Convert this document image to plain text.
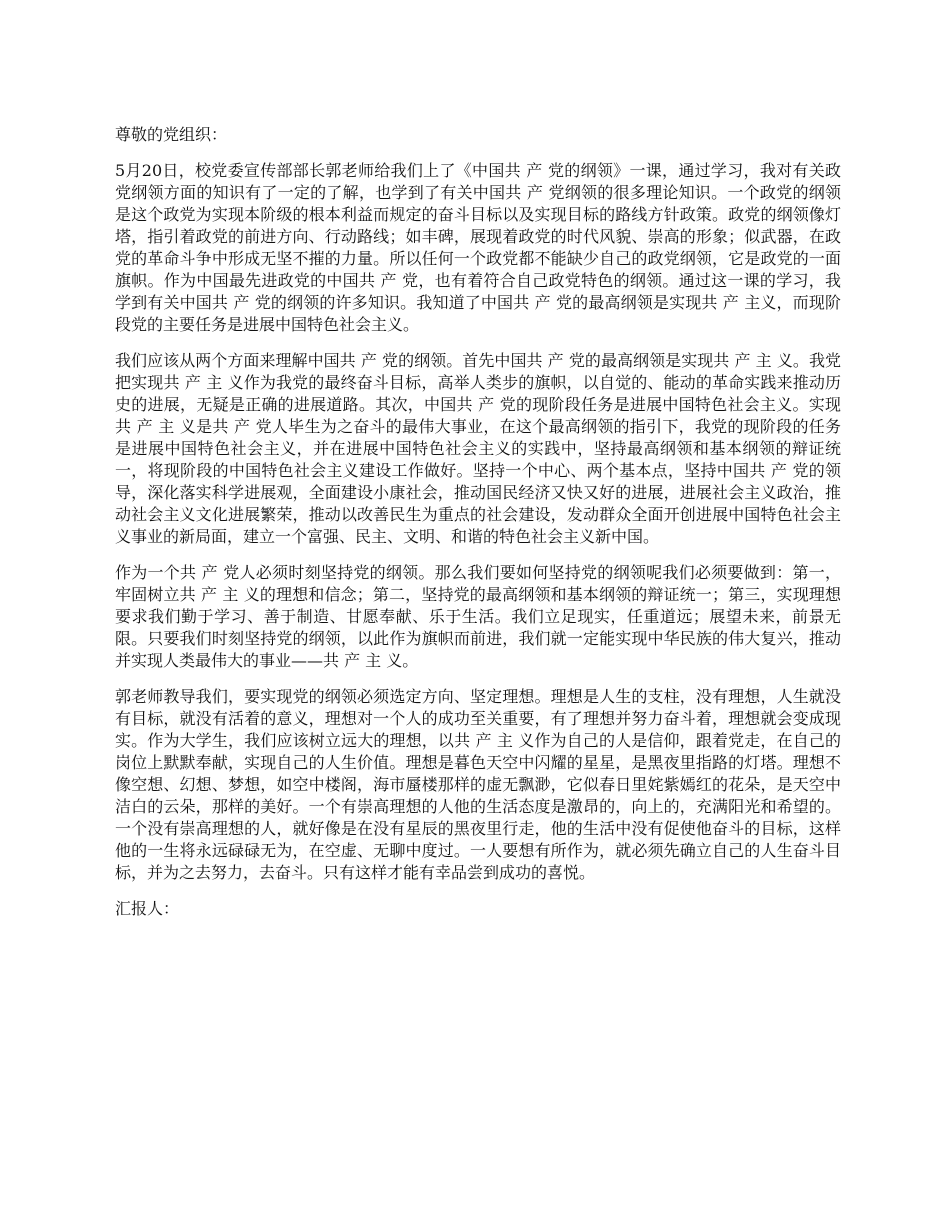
尊敬的党组织：

5月20日，校党委宣传部部长郭老师给我们上了《中国共 产 党的纲领》一课，通过学习，我对有关政党纲领方面的知识有了一定的了解，也学到了有关中国共 产 党纲领的很多理论知识。一个政党的纲领是这个政党为实现本阶级的根本利益而规定的奋斗目标以及实现目标的路线方针政策。政党的纲领像灯塔，指引着政党的前进方向、行动路线；如丰碑，展现着政党的时代风貌、崇高的形象；似武器，在政党的革命斗争中形成无坚不摧的力量。所以任何一个政党都不能缺少自己的政党纲领，它是政党的一面旗帜。作为中国最先进政党的中国共 产 党，也有着符合自己政党特色的纲领。通过这一课的学习，我学到有关中国共 产 党的纲领的许多知识。我知道了中国共 产 党的最高纲领是实现共 产 主义，而现阶段党的主要任务是进展中国特色社会主义。

我们应该从两个方面来理解中国共 产 党的纲领。首先中国共 产 党的最高纲领是实现共 产 主 义。我党把实现共 产 主 义作为我党的最终奋斗目标，高举人类步的旗帜，以自觉的、能动的革命实践来推动历史的进展，无疑是正确的进展道路。其次，中国共 产 党的现阶段任务是进展中国特色社会主义。实现共 产 主 义是共 产 党人毕生为之奋斗的最伟大事业，在这个最高纲领的指引下，我党的现阶段的任务是进展中国特色社会主义，并在进展中国特色社会主义的实践中，坚持最高纲领和基本纲领的辩证统一，将现阶段的中国特色社会主义建设工作做好。坚持一个中心、两个基本点，坚持中国共 产 党的领导，深化落实科学进展观，全面建设小康社会，推动国民经济又快又好的进展，进展社会主义政治，推动社会主义文化进展繁荣，推动以改善民生为重点的社会建设，发动群众全面开创进展中国特色社会主义事业的新局面，建立一个富强、民主、文明、和谐的特色社会主义新中国。

作为一个共 产 党人必须时刻坚持党的纲领。那么我们要如何坚持党的纲领呢我们必须要做到：第一，牢固树立共 产 主 义的理想和信念；第二，坚持党的最高纲领和基本纲领的辩证统一；第三，实现理想要求我们勤于学习、善于制造、甘愿奉献、乐于生活。我们立足现实，任重道远；展望未来，前景无限。只要我们时刻坚持党的纲领，以此作为旗帜而前进，我们就一定能实现中华民族的伟大复兴，推动并实现人类最伟大的事业——共 产 主 义。

郭老师教导我们，要实现党的纲领必须选定方向、坚定理想。理想是人生的支柱，没有理想，人生就没有目标，就没有活着的意义，理想对一个人的成功至关重要，有了理想并努力奋斗着，理想就会变成现实。作为大学生，我们应该树立远大的理想，以共 产 主 义作为自己的人是信仰，跟着党走，在自己的岗位上默默奉献，实现自己的人生价值。理想是暮色天空中闪耀的星星，是黑夜里指路的灯塔。理想不像空想、幻想、梦想，如空中楼阁，海市蜃楼那样的虚无飘渺，它似春日里姹紫嫣红的花朵，是天空中洁白的云朵，那样的美好。一个有崇高理想的人他的生活态度是激昂的，向上的，充满阳光和希望的。一个没有崇高理想的人，就好像是在没有星辰的黑夜里行走，他的生活中没有促使他奋斗的目标，这样他的一生将永远碌碌无为，在空虚、无聊中度过。一人要想有所作为，就必须先确立自己的人生奋斗目标，并为之去努力，去奋斗。只有这样才能有幸品尝到成功的喜悦。

汇报人：
